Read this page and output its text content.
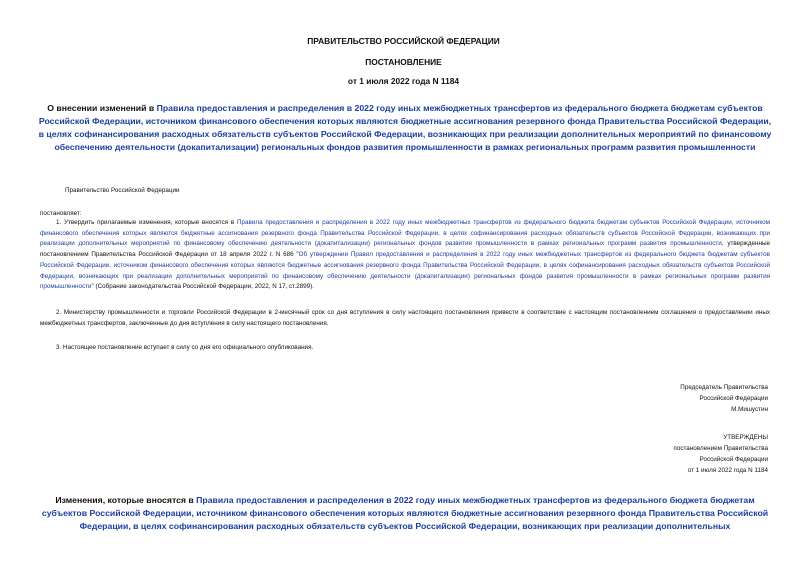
ПРАВИТЕЛЬСТВО РОССИЙСКОЙ ФЕДЕРАЦИИ
ПОСТАНОВЛЕНИЕ
от 1 июля 2022 года N 1184
О внесении изменений в Правила предоставления и распределения в 2022 году иных межбюджетных трансфертов из федерального бюджета бюджетам субъектов Российской Федерации, источником финансового обеспечения которых являются бюджетные ассигнования резервного фонда Правительства Российской Федерации, в целях софинансирования расходных обязательств субъектов Российской Федерации, возникающих при реализации дополнительных мероприятий по финансовому обеспечению деятельности (докапитализации) региональных фондов развития промышленности в рамках региональных программ развития промышленности
Правительство Российской Федерации
постановляет:
1. Утвердить прилагаемые изменения, которые вносятся в Правила предоставления и распределения в 2022 году иных межбюджетных трансфертов из федерального бюджета бюджетам субъектов Российской Федерации, источником финансового обеспечения которых являются бюджетные ассигнования резервного фонда Правительства Российской Федерации, в целях софинансирования расходных обязательств субъектов Российской Федерации, возникающих при реализации дополнительных мероприятий по финансовому обеспечению деятельности (докапитализации) региональных фондов развития промышленности в рамках региональных программ развития промышленности, утвержденные постановлением Правительства Российской Федерации от 18 апреля 2022 г. N 686 "Об утверждении Правил предоставления и распределения в 2022 году иных межбюджетных трансфертов из федерального бюджета бюджетам субъектов Российской Федерации, источником финансового обеспечения которых являются бюджетные ассигнования резервного фонда Правительства Российской Федерации, в целях софинансирования расходных обязательств субъектов Российской Федерации, возникающих при реализации дополнительных мероприятий по финансовому обеспечению деятельности (докапитализации) региональных фондов развития промышленности в рамках региональных программ развития промышленности" (Собрание законодательства Российской Федерации, 2022, N 17, ст.2899).
2. Министерству промышленности и торговли Российской Федерации в 2-месячный срок со дня вступления в силу настоящего постановления привести в соответствие с настоящим постановлением соглашения о предоставлении иных межбюджетных трансфертов, заключенные до дня вступления в силу настоящего постановления.
3. Настоящее постановление вступает в силу со дня его официального опубликования.
Председатель Правительства
Российской Федерации
М.Мишустин
УТВЕРЖДЕНЫ
постановлением Правительства
Российской Федерации
от 1 июля 2022 года N 1184
Изменения, которые вносятся в Правила предоставления и распределения в 2022 году иных межбюджетных трансфертов из федерального бюджета бюджетам субъектов Российской Федерации, источником финансового обеспечения которых являются бюджетные ассигнования резервного фонда Правительства Российской Федерации, в целях софинансирования расходных обязательств субъектов Российской Федерации, возникающих при реализации дополнительных
